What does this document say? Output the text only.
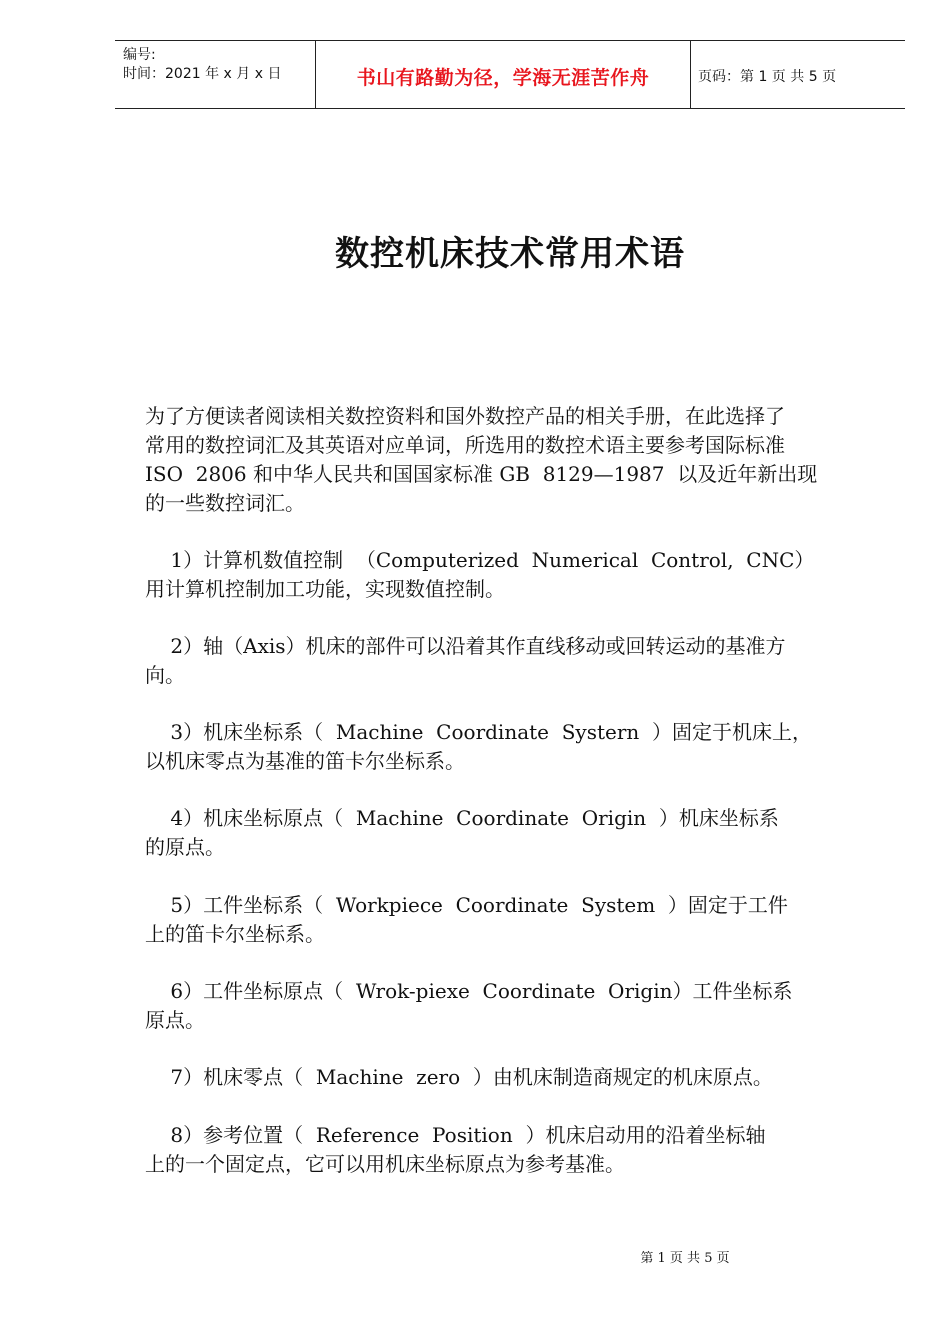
编号:
时间：2021 年 x 月 x 日	书山有路勤为径，学海无涯苦作舟	页码：第 1 页 共 5 页
数控机床技术常用术语

为了方便读者阅读相关数控资料和国外数控产品的相关手册，在此选择了
常用的数控词汇及其英语对应单词，所选用的数控术语主要参考国际标准
ISO  2806 和中华人民共和国国家标准 GB  8129—1987  以及近年新出现
的一些数控词汇。

1）计算机数值控制  （Computerized  Numerical  Control,  CNC）
用计算机控制加工功能，实现数值控制。

2）轴（Axis）机床的部件可以沿着其作直线移动或回转运动的基准方
向。

3）机床坐标系（  Machine  Coordinate  Systern  ）固定于机床上，
以机床零点为基准的笛卡尔坐标系。

4）机床坐标原点（  Machine  Coordinate  Origin  ）机床坐标系
的原点。

5）工件坐标系（  Workpiece  Coordinate  System  ）固定于工件
上的笛卡尔坐标系。

6）工件坐标原点（  Wrok-piexe  Coordinate  Origin）工件坐标系
原点。

7）机床零点（  Machine  zero  ）由机床制造商规定的机床原点。

8）参考位置（  Reference  Position  ）机床启动用的沿着坐标轴
上的一个固定点，它可以用机床坐标原点为参考基准。

第 1 页 共 5 页
